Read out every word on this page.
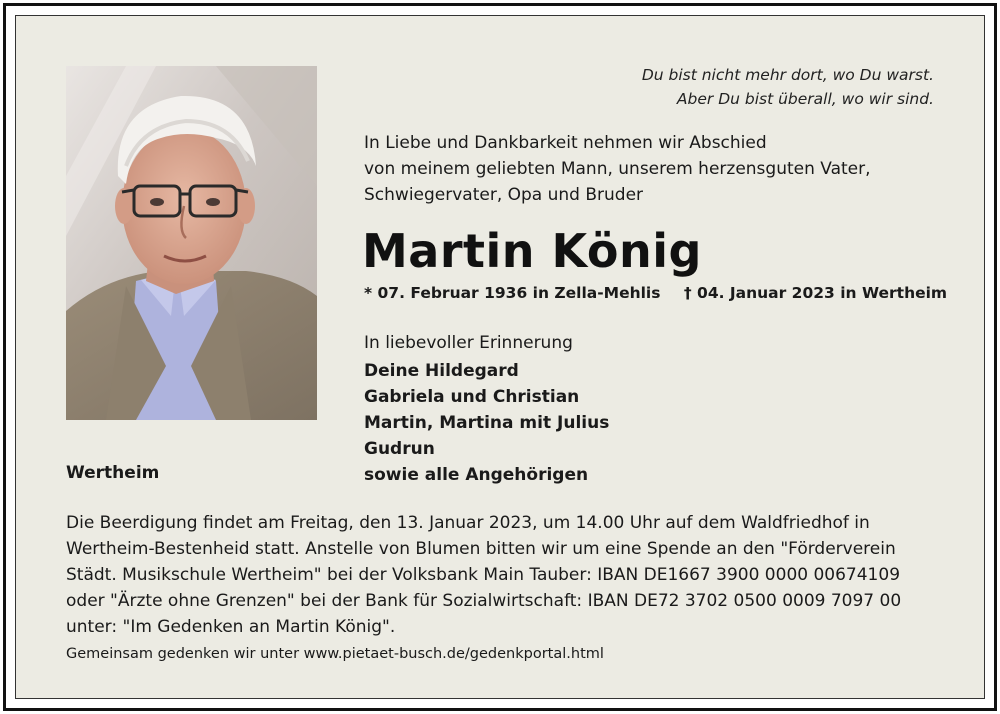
Du bist nicht mehr dort, wo Du warst.
Aber Du bist überall, wo wir sind.
In Liebe und Dankbarkeit nehmen wir Abschied
von meinem geliebten Mann, unserem herzensguten Vater,
Schwiegervater, Opa und Bruder
Martin König
* 07. Februar 1936 in Zella-Mehlis † 04. Januar 2023 in Wertheim
In liebevoller Erinnerung
Deine Hildegard
Gabriela und Christian
Martin, Martina mit Julius
Gudrun
sowie alle Angehörigen
Wertheim
Die Beerdigung findet am Freitag, den 13. Januar 2023, um 14.00 Uhr auf dem Waldfriedhof in
Wertheim-Bestenheid statt. Anstelle von Blumen bitten wir um eine Spende an den "Förderverein
Städt. Musikschule Wertheim" bei der Volksbank Main Tauber: IBAN DE1667 3900 0000 00674109
oder "Ärzte ohne Grenzen" bei der Bank für Sozialwirtschaft: IBAN DE72 3702 0500 0009 7097 00
unter: "Im Gedenken an Martin König".
Gemeinsam gedenken wir unter www.pietaet-busch.de/gedenkportal.html
